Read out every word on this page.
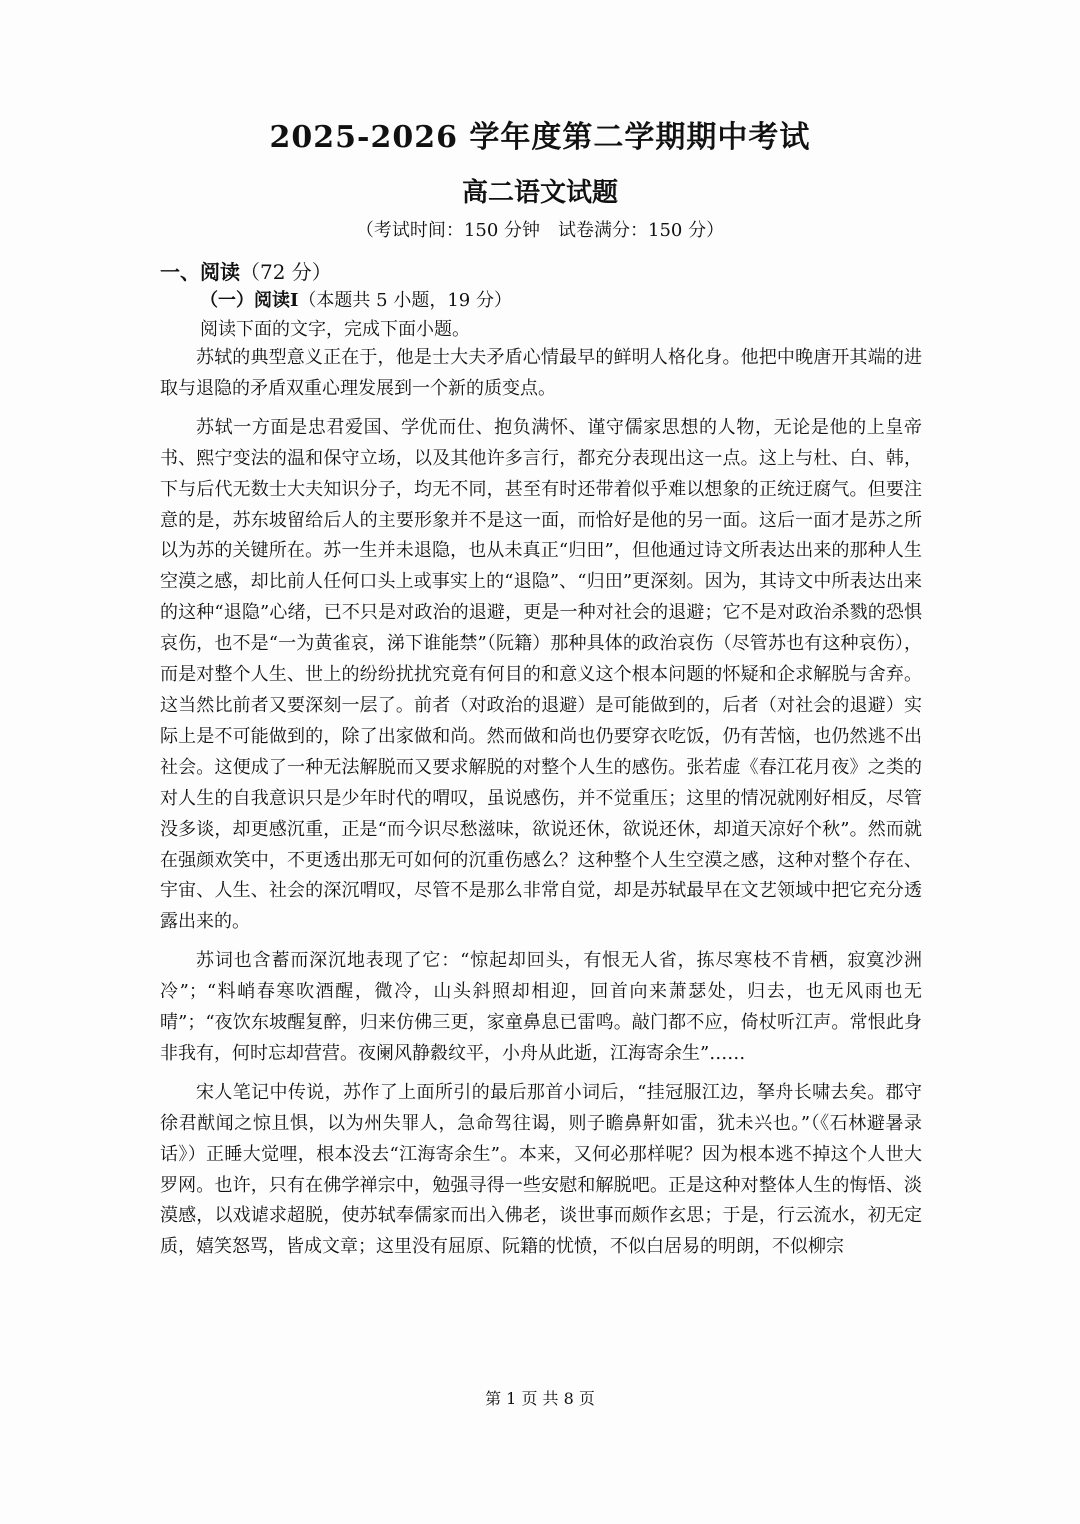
2025-2026 学年度第二学期期中考试
高二语文试题
（考试时间：150 分钟　试卷满分：150 分）
一、阅读（72 分）
（一）阅读Ⅰ（本题共 5 小题，19 分）
阅读下面的文字，完成下面小题。

苏轼的典型意义正在于，他是士大夫矛盾心情最早的鲜明人格化身。他把中晚唐开其端的进取与退隐的矛盾双重心理发展到一个新的质变点。

苏轼一方面是忠君爱国、学优而仕、抱负满怀、谨守儒家思想的人物，无论是他的上皇帝书、熙宁变法的温和保守立场，以及其他许多言行，都充分表现出这一点。这上与杜、白、韩，下与后代无数士大夫知识分子，均无不同，甚至有时还带着似乎难以想象的正统迂腐气。但要注意的是，苏东坡留给后人的主要形象并不是这一面，而恰好是他的另一面。这后一面才是苏之所以为苏的关键所在。苏一生并未退隐，也从未真正“归田”，但他通过诗文所表达出来的那种人生空漠之感，却比前人任何口头上或事实上的“退隐”、“归田”更深刻。因为，其诗文中所表达出来的这种“退隐”心绪，已不只是对政治的退避，更是一种对社会的退避；它不是对政治杀戮的恐惧哀伤，也不是“一为黄雀哀，涕下谁能禁”（阮籍）那种具体的政治哀伤（尽管苏也有这种哀伤），而是对整个人生、世上的纷纷扰扰究竟有何目的和意义这个根本问题的怀疑和企求解脱与舍弃。这当然比前者又要深刻一层了。前者（对政治的退避）是可能做到的，后者（对社会的退避）实际上是不可能做到的，除了出家做和尚。然而做和尚也仍要穿衣吃饭，仍有苦恼，也仍然逃不出社会。这便成了一种无法解脱而又要求解脱的对整个人生的感伤。张若虚《春江花月夜》之类的对人生的自我意识只是少年时代的喟叹，虽说感伤，并不觉重压；这里的情况就刚好相反，尽管没多谈，却更感沉重，正是“而今识尽愁滋味，欲说还休，欲说还休，却道天凉好个秋”。然而就在强颜欢笑中，不更透出那无可如何的沉重伤感么？这种整个人生空漠之感，这种对整个存在、宇宙、人生、社会的深沉喟叹，尽管不是那么非常自觉，却是苏轼最早在文艺领域中把它充分透露出来的。

苏词也含蓄而深沉地表现了它：“惊起却回头，有恨无人省，拣尽寒枝不肯栖，寂寞沙洲冷”；“料峭春寒吹酒醒，微冷，山头斜照却相迎，回首向来萧瑟处，归去，也无风雨也无晴”；“夜饮东坡醒复醉，归来仿佛三更，家童鼻息已雷鸣。敲门都不应，倚杖听江声。常恨此身非我有，何时忘却营营。夜阑风静縠纹平，小舟从此逝，江海寄余生”……

宋人笔记中传说，苏作了上面所引的最后那首小词后，“挂冠服江边，拏舟长啸去矣。郡守徐君猷闻之惊且惧，以为州失罪人，急命驾往谒，则子瞻鼻鼾如雷，犹未兴也。”（《石林避暑录话》）正睡大觉哩，根本没去“江海寄余生”。本来，又何必那样呢？因为根本逃不掉这个人世大罗网。也许，只有在佛学禅宗中，勉强寻得一些安慰和解脱吧。正是这种对整体人生的悔悟、淡漠感，以戏谑求超脱，使苏轼奉儒家而出入佛老，谈世事而颇作玄思；于是，行云流水，初无定质，嬉笑怒骂，皆成文章；这里没有屈原、阮籍的忧愤，不似白居易的明朗，不似柳宗

第 1 页 共 8 页
